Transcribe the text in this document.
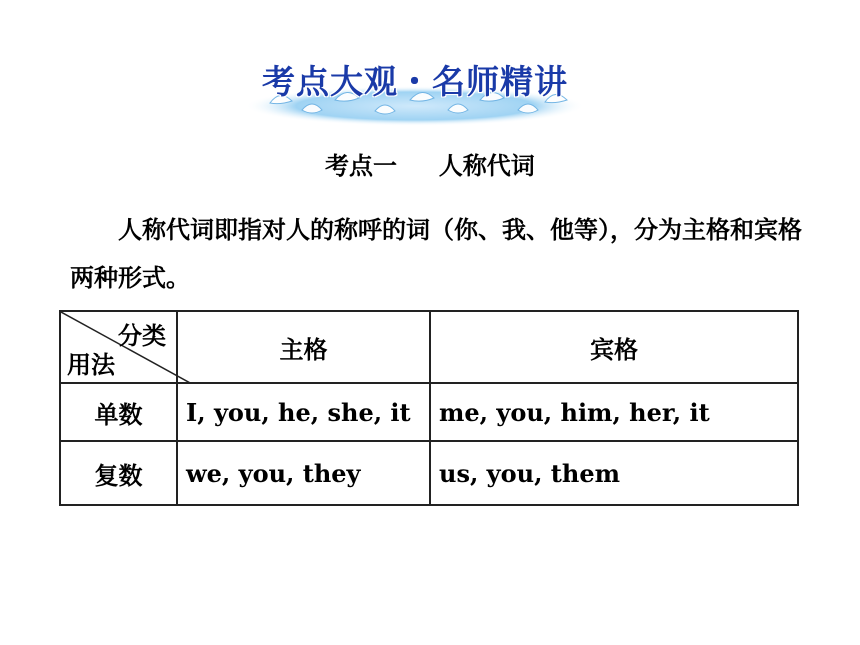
考点大观・名师精讲
考点一     人称代词

人称代词即指对人的称呼的词（你、我、他等），分为主格和宾格两种形式。

分类
用法	主格	宾格
单数	I, you, he, she, it	me, you, him, her, it
复数	we, you, they	us, you, them
